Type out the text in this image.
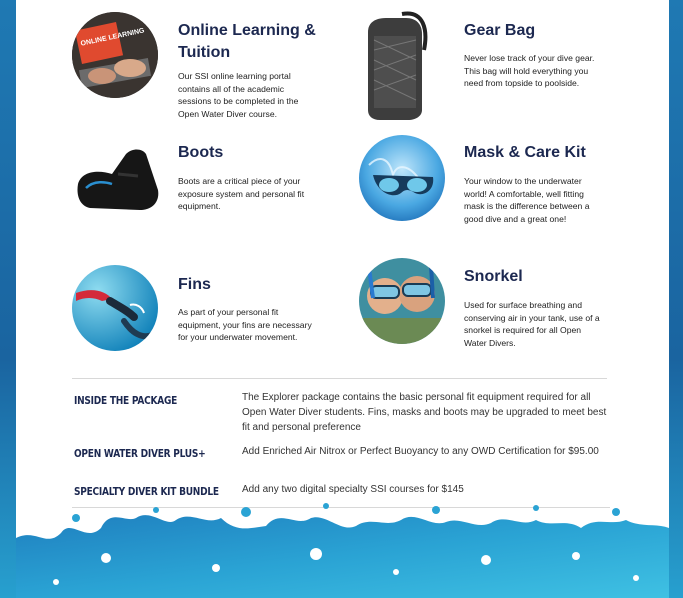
ONLINE LEARNING Online Learning & Tuition

Our SSI online learning portal contains all of the academic sessions to be completed in the Open Water Diver course.

Gear Bag

Never lose track of your dive gear. This bag will hold everything you need from topside to poolside.

Boots

Boots are a critical piece of your exposure system and personal fit equipment.

Mask & Care Kit

Your window to the underwater world! A comfortable, well fitting mask is the difference between a good dive and a great one!

Fins

As part of your personal fit equipment, your fins are necessary for your underwater movement.

Snorkel

Used for surface breathing and conserving air in your tank, use of a snorkel is required for all Open Water Divers.

INSIDE THE PACKAGE	The Explorer package contains the basic personal fit equipment required for all Open Water Diver students. Fins, masks and boots may be upgraded to meet best fit and personal preference
OPEN WATER DIVER PLUS+	Add Enriched Air Nitrox or Perfect Buoyancy to any OWD Certification for $95.00
SPECIALTY DIVER KIT BUNDLE Add any two digital specialty SSI courses for $145
